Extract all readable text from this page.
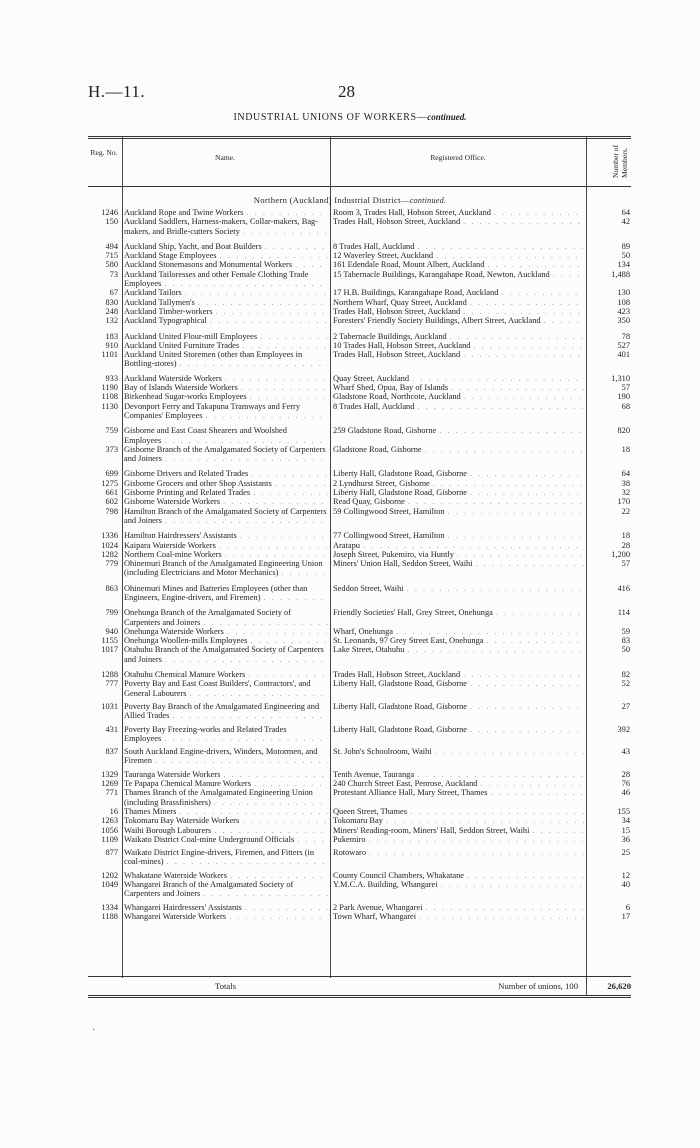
H.—11.	28
INDUSTRIAL UNIONS OF WORKERS—continued.
Reg. No.
Name.	Registered Office.	Number of Members.
Northern (Auckland) Industrial District—continued.
1246 Auckland Rope and Twine Workers . . .	Room 3, Trades Hall, Hobson Street, Auckland . . .	64
150 Auckland Saddlers, Harness-makers, Collar-makers, Bag-makers, and Bridle-cutters Society . . .
Trades Hall, Hobson Street, Auckland . . .	42
494 Auckland Ship, Yacht, and Boat Builders . . .	8 Trades Hall, Auckland . . .	89
715 Auckland Stage Employees . . .	12 Waverley Street, Auckland . . .	50
580 Auckland Stonemasons and Monumental Workers . . .	161 Edendale Road, Mount Albert, Auckland . . .	134
73 Auckland Tailoresses and other Female Clothing Trade Employees . . .
15 Tabernacle Buildings, Karangahape Road, Newton, Auckland . . .	1,488
67 Auckland Tailors . . .	17 H.B. Buildings, Karangahape Road, Auckland . . .	130
830 Auckland Tallymen's . . .	Northern Wharf, Quay Street, Auckland . . .	108
248 Auckland Timber-workers . . .	Trades Hall, Hobson Street, Auckland . . .	423
132 Auckland Typographical . . .	Foresters' Friendly Society Buildings, Albert Street, Auckland . . .	350
183 Auckland United Flour-mill Employees . . .	2 Tabernacle Buildings, Auckland . . .	78
910 Auckland United Furniture Trades . . .	10 Trades Hall, Hobson Street, Auckland . . .	527
1101 Auckland United Storemen (other than Employees in Bottling-stores) . . .
Trades Hall, Hobson Street, Auckland . . .	401
933 Auckland Waterside Workers . . .	Quay Street, Auckland . . .	1,310
1190 Bay of Islands Waterside Workers . . .	Wharf Shed, Opua, Bay of Islands . . .	57
1108 Birkenhead Sugar-works Employees . . .	Gladstone Road, Northcote, Auckland . . .	190
1130 Devonport Ferry and Takapuna Tramways and Ferry Companies' Employees . . .
8 Trades Hall, Auckland . . .	68
759 Gisborne and East Coast Shearers and Woolshed Employees . . .
259 Gladstone Road, Gisborne . . .	820
373 Gisborne Branch of the Amalgamated Society of Carpenters and Joiners . . .
Gladstone Road, Gisborne . . .	18
699 Gisborne Drivers and Related Trades . . .	Liberty Hall, Gladstone Road, Gisborne . . .	64
1275 Gisborne Grocers and other Shop Assistants . . .	2 Lyndhurst Street, Gisborne . . .	38
661 Gisborne Printing and Related Trades . . .	Liberty Hall, Gladstone Road, Gisborne . . .	32
602 Gisborne Waterside Workers . . .	Read Quay, Gisborne . . .	170
798 Hamilton Branch of the Amalgamated Society of Carpenters and Joiners . . .
59 Collingwood Street, Hamilton . . .	22
1336 Hamilton Hairdressers' Assistants . . .	77 Collingwood Street, Hamilton . . .	18
1024 Kaipara Waterside Workers . . .	Aratapu . . .	28
1282 Northern Coal-mine Workers . . .	Joseph Street, Pukemiro, via Huntly . . .	1,200
779 Ohinemuri Branch of the Amalgamated Engineering Union (including Electricians and Motor Mechanics) . . .
Miners' Union Hall, Seddon Street, Waihi . . .	57
863 Ohinemuri Mines and Batteries Employees (other than Engineers, Engine-drivers, and Firemen) . . .
Seddon Street, Waihi . . .	416
799 Onehunga Branch of the Amalgamated Society of Carpenters and Joiners . . .
Friendly Societies' Hall, Grey Street, Onehunga . . .	114
940 Onehunga Waterside Workers . . .	Wharf, Onehunga . . .	59
1155 Onehunga Woollen-mills Employees . . .	St. Leonards, 97 Grey Street East, Onehunga . . .	83
1017 Otahuhu Branch of the Amalgamated Society of Carpenters and Joiners . . .
Lake Street, Otahuhu . . .	50
1288 Otahuhu Chemical Manure Workers . . .	Trades Hall, Hobson Street, Auckland . . .	82
777 Poverty Bay and East Coast Builders', Contractors', and General Labourers . . .
Liberty Hall, Gladstone Road, Gisborne . . .	52
1031 Poverty Bay Branch of the Amalgamated Engineering and Allied Trades . . .
Liberty Hall, Gladstone Road, Gisborne . . .	27
431 Poverty Bay Freezing-works and Related Trades Employees . . .
Liberty Hall, Gladstone Road, Gisborne . . .	392
837 South Auckland Engine-drivers, Winders, Motormen, and Firemen . . .
St. John's Schoolroom, Waihi . . .	43
1329 Tauranga Waterside Workers . . .	Tenth Avenue, Tauranga . . .	28
1269 Te Papapa Chemical Manure Workers . . .	240 Church Street East, Penrose, Auckland . . .	76
771 Thames Branch of the Amalgamated Engineering Union (including Brassfinishers) . . .
Protestant Alliance Hall, Mary Street, Thames . . .	46
16 Thames Miners . . .	Queen Street, Thames . . .	155
1263 Tokomaru Bay Waterside Workers . . .	Tokomaru Bay . . .	34
1056 Waihi Borough Labourers . . .	Miners' Reading-room, Miners' Hall, Seddon Street, Waihi . . .	15
1109 Waikato District Coal-mine Underground Officials . . .	Pukemiro . . .	36
877 Waikato District Engine-drivers, Firemen, and Fitters (in coal-mines) . . .
Rotowaro . . .	25
1202 Whakatane Waterside Workers . . .	County Council Chambers, Whakatane . . .	12
1049 Whangarei Branch of the Amalgamated Society of Carpenters and Joiners . . .
Y.M.C.A. Building, Whangarei . . .	40
1334 Whangarei Hairdressers' Assistants . . .	2 Park Avenue, Whangarei . . .	6
1188 Whangarei Waterside Workers . . .	Town Wharf, Whangarei . . .	17
Totals	Number of unions, 100	26,620
·
